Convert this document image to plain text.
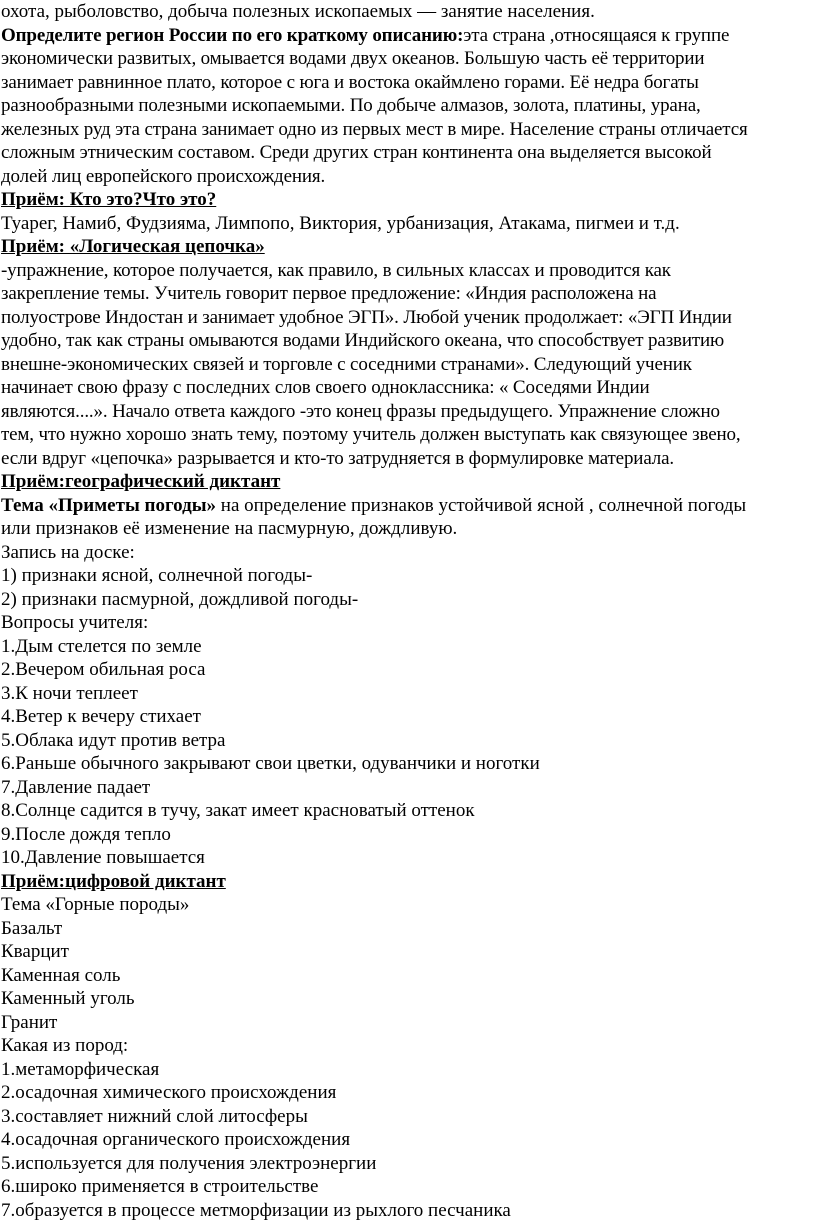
охота, рыболовство, добыча полезных ископаемых — занятие населения.

Определите регион России по его краткому описанию:эта страна ,относящаяся к группе

экономически развитых, омывается водами двух океанов. Большую часть её территории

занимает равнинное плато, которое с юга и востока окаймлено горами. Её недра богаты

разнообразными полезными ископаемыми. По добыче алмазов, золота, платины, урана,

железных руд эта страна занимает одно из первых мест в мире. Население страны отличается

сложным этническим составом. Среди других стран континента она выделяется высокой

долей лиц европейского происхождения.

Приём: Кто это?Что это?

Туарег, Намиб, Фудзияма, Лимпопо, Виктория, урбанизация, Атакама, пигмеи и т.д.

Приём: «Логическая цепочка»

-упражнение, которое получается, как правило, в сильных классах и проводится как

закрепление темы. Учитель говорит первое предложение: «Индия расположена на

полуострове Индостан и занимает удобное ЭГП». Любой ученик продолжает: «ЭГП Индии

удобно, так как страны омываются водами Индийского океана, что способствует развитию

внешне-экономических связей и торговле с соседними странами». Следующий ученик

начинает свою фразу с последних слов своего одноклассника: « Соседями Индии

являются....». Начало ответа каждого -это конец фразы предыдущего. Упражнение сложно

тем, что нужно хорошо знать тему, поэтому учитель должен выступать как связующее звено,

если вдруг «цепочка» разрывается и кто-то затрудняется в формулировке материала.

Приём:географический диктант

Тема «Приметы погоды» на определение признаков устойчивой ясной , солнечной погоды

или признаков её изменение на пасмурную, дождливую.

Запись на доске:

1) признаки ясной, солнечной погоды-

2) признаки пасмурной, дождливой погоды-

Вопросы учителя:

1.Дым стелется по земле

2.Вечером обильная роса

3.К ночи теплеет

4.Ветер к вечеру стихает

5.Облака идут против ветра

6.Раньше обычного закрывают свои цветки, одуванчики и ноготки

7.Давление падает

8.Солнце садится в тучу, закат имеет красноватый оттенок

9.После дождя тепло

10.Давление повышается

Приём:цифровой диктант

Тема «Горные породы»

Базальт

Кварцит

Каменная соль

Каменный уголь

Гранит

Какая из пород:

1.метаморфическая

2.осадочная химического происхождения

3.составляет нижний слой литосферы

4.осадочная органического происхождения

5.используется для получения электроэнергии

6.широко применяется в строительстве

7.образуется в процессе метморфизации из рыхлого песчаника
